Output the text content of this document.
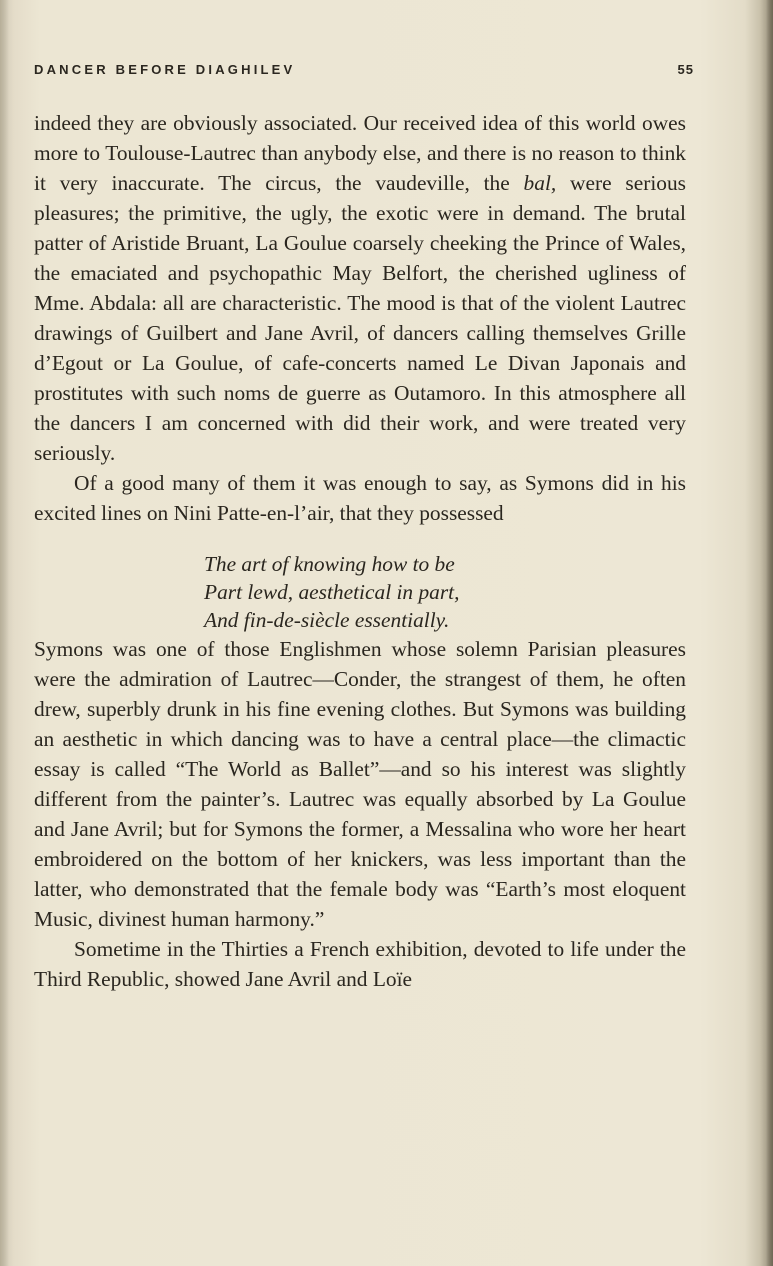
DANCER BEFORE DIAGHILEV	55

indeed they are obviously associated. Our received idea of this world owes more to Toulouse-Lautrec than anybody else, and there is no reason to think it very inaccurate. The circus, the vaudeville, the bal, were serious pleasures; the primitive, the ugly, the exotic were in demand. The brutal patter of Aristide Bruant, La Goulue coarsely cheeking the Prince of Wales, the emaciated and psychopathic May Belfort, the cherished ugliness of Mme. Abdala: all are characteristic. The mood is that of the violent Lautrec drawings of Guilbert and Jane Avril, of dancers calling themselves Grille d’Egout or La Goulue, of cafe-concerts named Le Divan Japonais and prostitutes with such noms de guerre as Outamoro. In this atmosphere all the dancers I am concerned with did their work, and were treated very seriously.

Of a good many of them it was enough to say, as Symons did in his excited lines on Nini Patte-en-l’air, that they possessed

The art of knowing how to be
Part lewd, aesthetical in part,
And fin-de-siècle essentially.

Symons was one of those Englishmen whose solemn Parisian pleasures were the admiration of Lautrec—Conder, the strangest of them, he often drew, superbly drunk in his fine evening clothes. But Symons was building an aesthetic in which dancing was to have a central place—the climactic essay is called “The World as Ballet”—and so his interest was slightly different from the painter’s. Lautrec was equally absorbed by La Goulue and Jane Avril; but for Symons the former, a Messalina who wore her heart embroidered on the bottom of her knickers, was less important than the latter, who demonstrated that the female body was “Earth’s most eloquent Music, divinest human harmony.”

Sometime in the Thirties a French exhibition, devoted to life under the Third Republic, showed Jane Avril and Loïe
